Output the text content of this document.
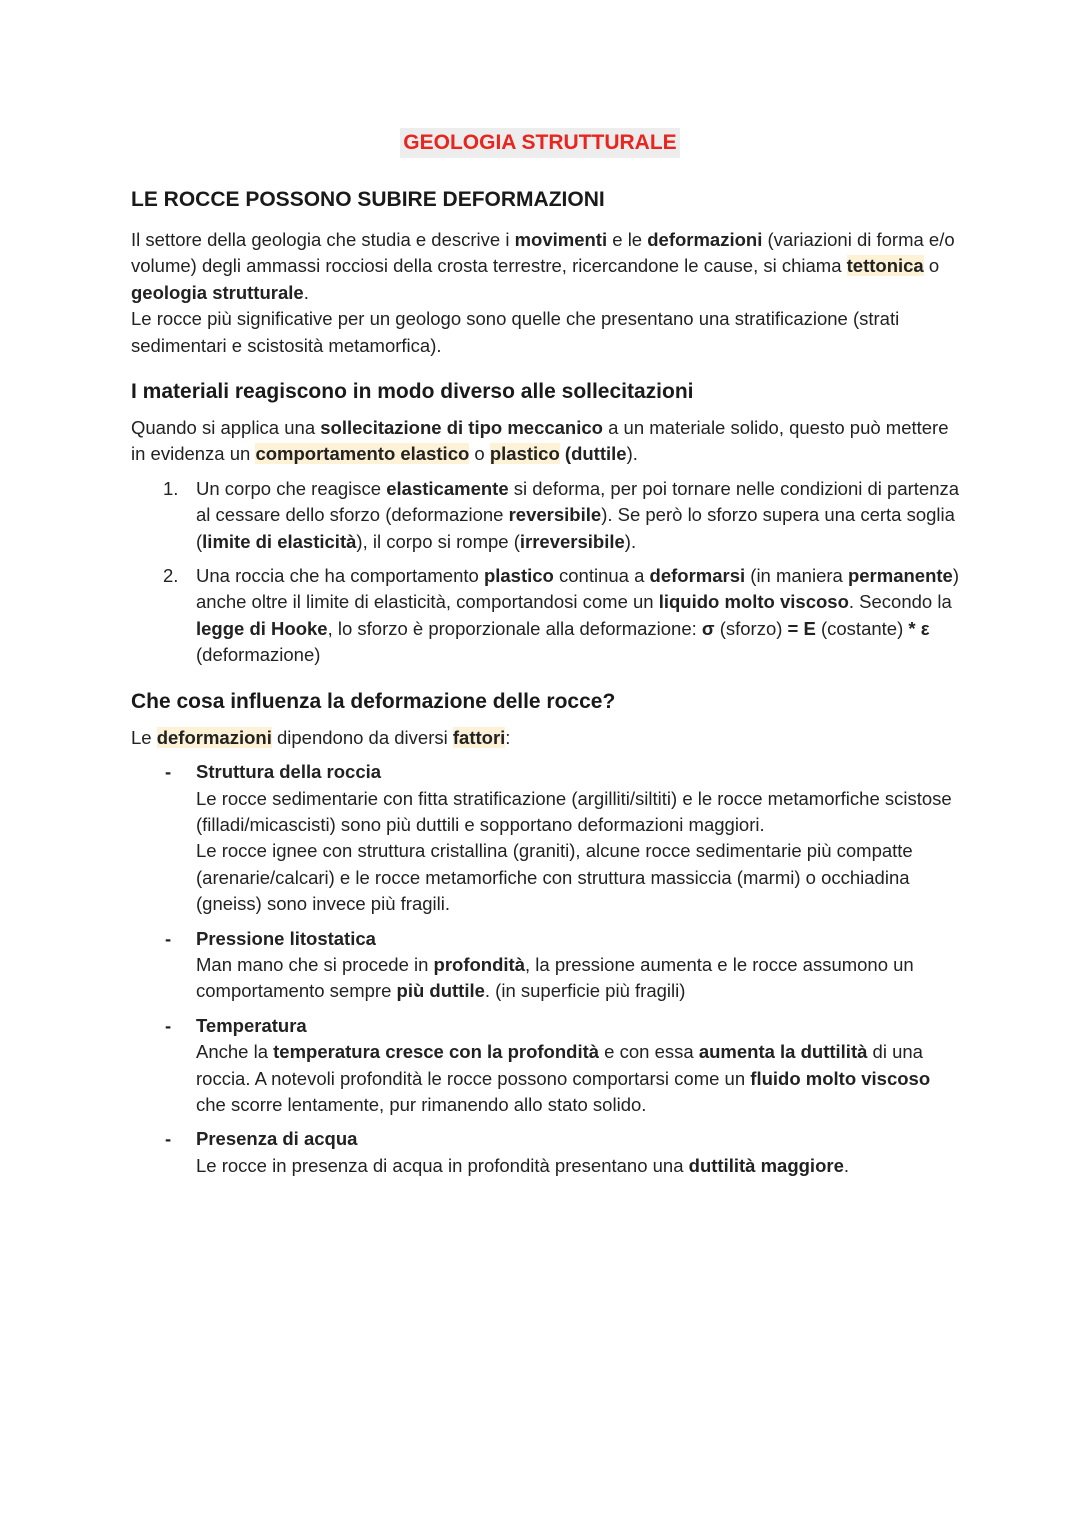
GEOLOGIA STRUTTURALE
LE ROCCE POSSONO SUBIRE DEFORMAZIONI

Il settore della geologia che studia e descrive i movimenti e le deformazioni (variazioni di forma e/o volume) degli ammassi rocciosi della crosta terrestre, ricercandone le cause, si chiama tettonica o geologia strutturale.

Le rocce più significative per un geologo sono quelle che presentano una stratificazione (strati sedimentari e scistosità metamorfica).

I materiali reagiscono in modo diverso alle sollecitazioni

Quando si applica una sollecitazione di tipo meccanico a un materiale solido, questo può mettere in evidenza un comportamento elastico o plastico (duttile).

1. Un corpo che reagisce elasticamente si deforma, per poi tornare nelle condizioni di partenza al cessare dello sforzo (deformazione reversibile). Se però lo sforzo supera una certa soglia (limite di elasticità), il corpo si rompe (irreversibile).
2. Una roccia che ha comportamento plastico continua a deformarsi (in maniera permanente) anche oltre il limite di elasticità, comportandosi come un liquido molto viscoso. Secondo la legge di Hooke, lo sforzo è proporzionale alla deformazione: σ (sforzo) = E (costante) * ε (deformazione)
Che cosa influenza la deformazione delle rocce?

Le deformazioni dipendono da diversi fattori:

- Struttura della roccia
Le rocce sedimentarie con fitta stratificazione (argilliti/siltiti) e le rocce metamorfiche scistose (filladi/micascisti) sono più duttili e sopportano deformazioni maggiori.
Le rocce ignee con struttura cristallina (graniti), alcune rocce sedimentarie più compatte (arenarie/calcari) e le rocce metamorfiche con struttura massiccia (marmi) o occhiadina (gneiss) sono invece più fragili.
- Pressione litostatica
Man mano che si procede in profondità, la pressione aumenta e le rocce assumono un comportamento sempre più duttile. (in superficie più fragili)
- Temperatura
Anche la temperatura cresce con la profondità e con essa aumenta la duttilità di una roccia. A notevoli profondità le rocce possono comportarsi come un fluido molto viscoso che scorre lentamente, pur rimanendo allo stato solido.
- Presenza di acqua
Le rocce in presenza di acqua in profondità presentano una duttilità maggiore.
